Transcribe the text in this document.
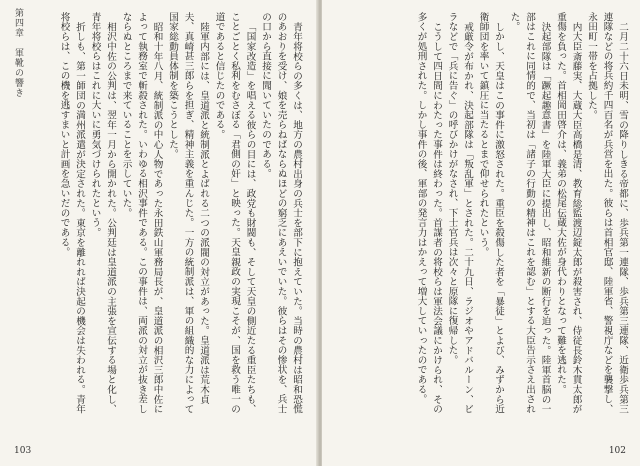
第四章　軍靴の響き	青年将校らの多くは、地方の農村出身の兵士を部下に抱えていた。当時の農村は昭和恐慌のあおりを受け、娘を売らねばならぬほどの窮乏にあえいでいた。彼らはその惨状を、兵士の口から直接に聞いていたのである。

「国家改造」を唱える彼らの目には、政党も財閥も、そして天皇の側近たる重臣たちも、ことごとく私利をむさぼる「君側の奸」と映った。天皇親政の実現こそが、国を救う唯一の道であると信じたのである。

陸軍内部には、皇道派と統制派とよばれる二つの派閥の対立があった。皇道派は荒木貞夫、真崎甚三郎らを担ぎ、精神主義を重んじた。一方の統制派は、軍の組織的な力によって国家総動員体制を築こうとした。

昭和十年八月、統制派の中心人物であった永田鉄山軍務局長が、皇道派の相沢三郎中佐によって執務室で斬殺された。いわゆる相沢事件である。この事件は、両派の対立が抜き差しならぬところまで来ていることを示していた。

相沢中佐の公判は、翌年一月から開かれた。公判廷は皇道派の主張を宣伝する場と化し、青年将校らはこれに大いに勇気づけられたという。

折しも、第一師団の満州派遣が決定された。東京を離れれば決起の機会は失われる。青年将校らは、この機を逃すまいと計画を急いだのである。

103

二月二十六日未明、雪の降りしきる帝都に、歩兵第一連隊、歩兵第三連隊、近衛歩兵第三連隊などの将兵約千四百名が兵営を出た。彼らは首相官邸、陸軍省、警視庁などを襲撃し、永田町一帯を占拠した。

内大臣斎藤実、大蔵大臣高橋是清、教育総監渡辺錠太郎が殺害され、侍従長鈴木貫太郎が重傷を負った。首相岡田啓介は、義弟の松尾伝蔵大佐が身代わりとなって難を逃れた。

決起部隊は「蹶起趣意書」を陸軍大臣に提出し、昭和維新の断行を迫った。陸軍首脳の一部はこれに同情的で、当初は「諸子の行動の精神はこれを認む」とする大臣告示さえ出された。

しかし、天皇はこの事件に激怒された。重臣を殺傷した者を「暴徒」とよび、みずから近衛師団を率いて鎮圧に当たるとまで仰せられたという。

戒厳令が布かれ、決起部隊は「叛乱軍」とされた。二十九日、ラジオやアドバルーン、ビラなどで「兵に告ぐ」の呼びかけがなされ、下士官兵は次々と原隊に復帰した。

こうして四日間にわたった事件は終わった。首謀者の将校らは軍法会議にかけられ、その多くが処刑された。しかし事件の後、軍部の発言力はかえって増大していったのである。

102
